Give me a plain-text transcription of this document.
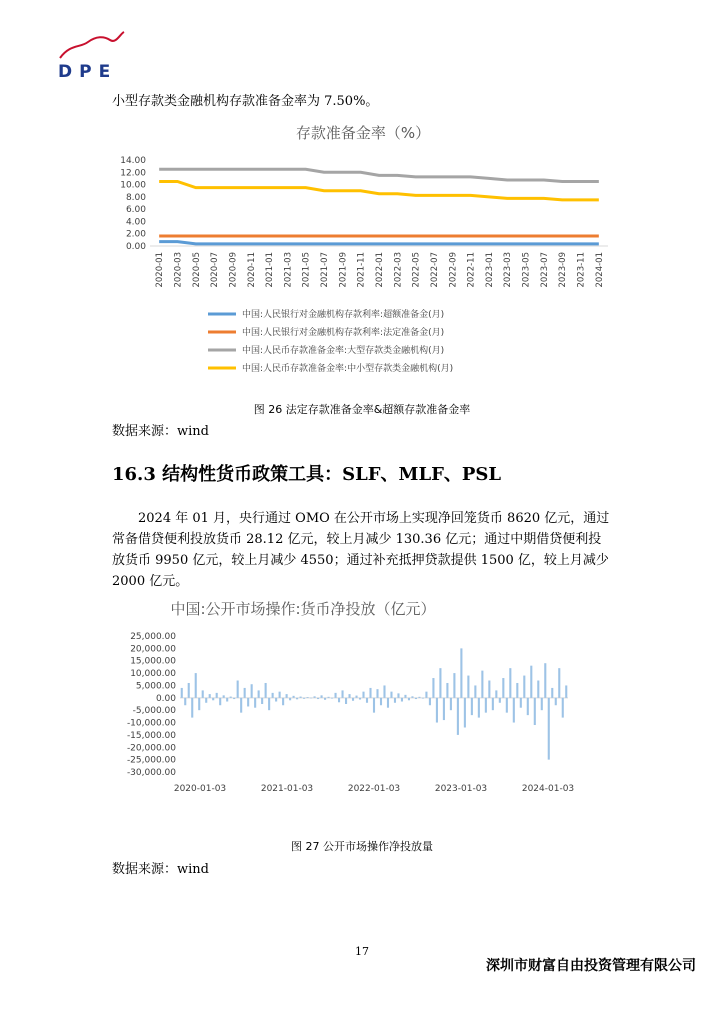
DPE
小型存款类金融机构存款准备金率为 7.50%。
存款准备金率（%）
0.00
2.00
4.00
6.00
8.00
10.00
12.00
14.00
2020-01 2020-03 2020-05 2020-07 2020-09 2020-11 2021-01 2021-03 2021-05 2021-07 2021-09 2021-11 2022-01 2022-03 2022-05 2022-07 2022-09 2022-11 2023-01 2023-03 2023-05 2023-07 2023-09 2023-11 2024-01
中国:人民银行对金融机构存款利率:超额准备金(月)
中国:人民银行对金融机构存款利率:法定准备金(月)
中国:人民币存款准备金率:大型存款类金融机构(月)
中国:人民币存款准备金率:中小型存款类金融机构(月)
图 26 法定存款准备金率&超额存款准备金率
数据来源：wind
16.3 结构性货币政策工具：SLF、MLF、PSL
2024 年 01 月，央行通过 OMO 在公开市场上实现净回笼货币 8620 亿元，通过常备借贷便利投放货币 28.12 亿元，较上月减少 130.36 亿元；通过中期借贷便利投放货币 9950 亿元，较上月减少 4550；通过补充抵押贷款提供 1500 亿，较上月减少 2000 亿元。
中国:公开市场操作:货币净投放（亿元）
-30,000.00
-25,000.00
-20,000.00
-15,000.00
-10,000.00
-5,000.00
0.00
5,000.00
10,000.00
15,000.00
20,000.00
25,000.00
2020-01-03	2021-01-03	2022-01-03	2023-01-03	2024-01-03
图 27 公开市场操作净投放量
数据来源：wind
17
深圳市财富自由投资管理有限公司
